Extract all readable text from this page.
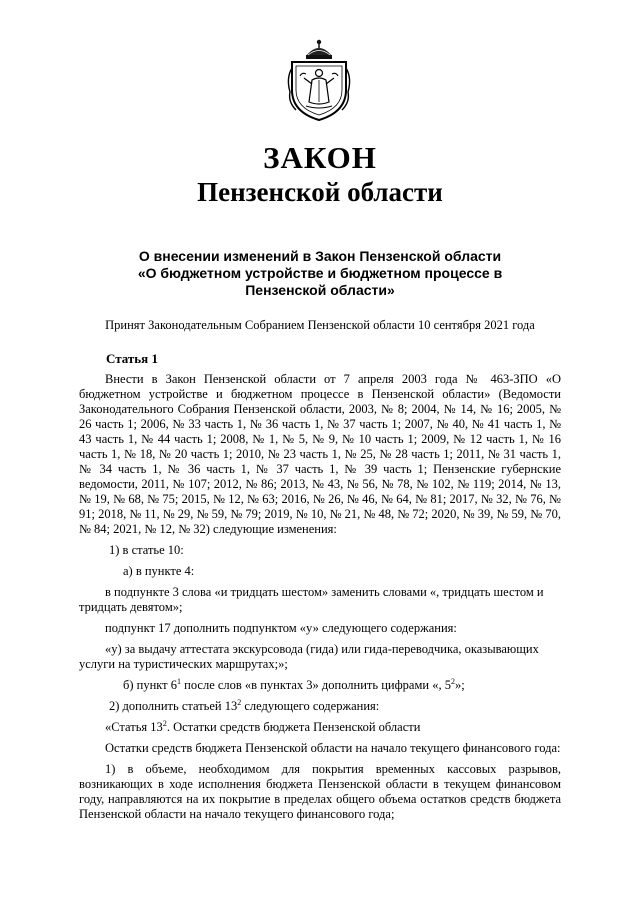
ЗАКОН
Пензенской области
О внесении изменений в Закон Пензенской области
«О бюджетном устройстве и бюджетном процессе в
Пензенской области»
Принят Законодательным Собранием Пензенской области 10 сентября 2021 года
Статья 1

Внести в Закон Пензенской области от 7 апреля 2003 года № 463-ЗПО «О бюджетном устройстве и бюджетном процессе в Пензенской области» (Ведомости Законодательного Собрания Пензенской области, 2003, № 8; 2004, № 14, № 16; 2005, № 26 часть 1; 2006, № 33 часть 1, № 36 часть 1, № 37 часть 1; 2007, № 40, № 41 часть 1, № 43 часть 1, № 44 часть 1; 2008, № 1, № 5, № 9, № 10 часть 1; 2009, № 12 часть 1, № 16 часть 1, № 18, № 20 часть 1; 2010, № 23 часть 1, № 25, № 28 часть 1; 2011, № 31 часть 1, № 34 часть 1, № 36 часть 1, № 37 часть 1, № 39 часть 1; Пензенские губернские ведомости, 2011, № 107; 2012, № 86; 2013, № 43, № 56, № 78, № 102, № 119; 2014, № 13, № 19, № 68, № 75; 2015, № 12, № 63; 2016, № 26, № 46, № 64, № 81; 2017, № 32, № 76, № 91; 2018, № 11, № 29, № 59, № 79; 2019, № 10, № 21, № 48, № 72; 2020, № 39, № 59, № 70, № 84; 2021, № 12, № 32) следующие изменения:

1) в статье 10:

а) в пункте 4:

в подпункте 3 слова «и тридцать шестом» заменить словами «, тридцать шестом и тридцать девятом»;

подпункт 17 дополнить подпунктом «у» следующего содержания:

«у) за выдачу аттестата экскурсовода (гида) или гида-переводчика, оказывающих услуги на туристических маршрутах;»;

б) пункт $6^1$ после слов «в пунктах 3» дополнить цифрами «, $5^2$»;

2) дополнить статьей $13^2$ следующего содержания:

«Статья $13^2$. Остатки средств бюджета Пензенской области

Остатки средств бюджета Пензенской области на начало текущего финансового года:

1) в объеме, необходимом для покрытия временных кассовых разрывов, возникающих в ходе исполнения бюджета Пензенской области в текущем финансовом году, направляются на их покрытие в пределах общего объема остатков средств бюджета Пензенской области на начало текущего финансового года;
